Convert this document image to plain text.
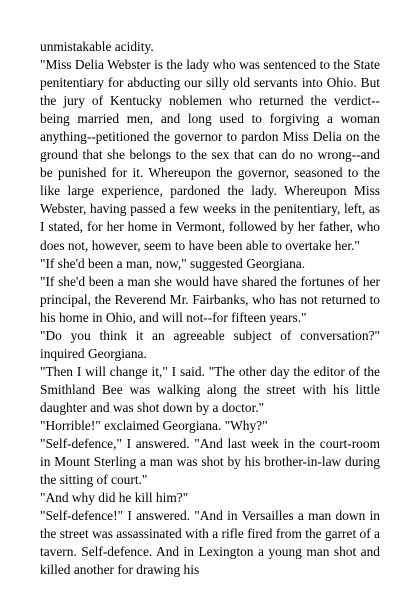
unmistakable acidity.

"Miss Delia Webster is the lady who was sentenced to the State penitentiary for abducting our silly old servants into Ohio. But the jury of Kentucky noblemen who returned the verdict--being married men, and long used to forgiving a woman anything--petitioned the governor to pardon Miss Delia on the ground that she belongs to the sex that can do no wrong--and be punished for it. Whereupon the governor, seasoned to the like large experience, pardoned the lady. Whereupon Miss Webster, having passed a few weeks in the penitentiary, left, as I stated, for her home in Vermont, followed by her father, who does not, however, seem to have been able to overtake her."

"If she'd been a man, now," suggested Georgiana.

"If she'd been a man she would have shared the fortunes of her principal, the Reverend Mr. Fairbanks, who has not returned to his home in Ohio, and will not--for fifteen years."

"Do you think it an agreeable subject of conversation?" inquired Georgiana.

"Then I will change it," I said. "The other day the editor of the Smithland Bee was walking along the street with his little daughter and was shot down by a doctor."

"Horrible!" exclaimed Georgiana. "Why?"

"Self-defence," I answered. "And last week in the court-room in Mount Sterling a man was shot by his brother-in-law during the sitting of court."

"And why did he kill him?"

"Self-defence!" I answered. "And in Versailles a man down in the street was assassinated with a rifle fired from the garret of a tavern. Self-defence. And in Lexington a young man shot and killed another for drawing his
